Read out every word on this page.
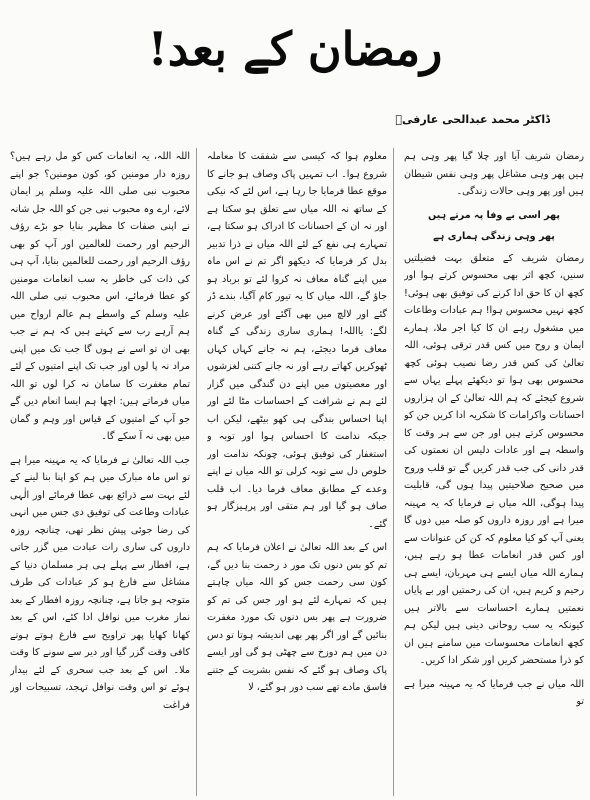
رمضان کے بعد!
ڈاکٹر محمد عبدالحی عارفیؒ

رمضان شریف آیا اور چلا گیا پھر وہی ہم ہیں پھر وہی مشاغل پھر وہی نفس شیطان ہیں اور پھر وہی حالات زندگی۔

پھر اسی بے وفا پہ مرتے ہیں

پھر وہی زندگی ہماری ہے

رمضان شریف کے متعلق بہت فضیلتیں سنیں، کچھ اثر بھی محسوس کرتے ہوا اور کچھ ان کا حق ادا کرنے کی توفیق بھی ہوئی! کچھ نہیں محسوس ہوا! ہم عبادات وطاعات میں مشغول رہے ان کا کیا اجر ملا، ہمارے ایمان و روح میں کس قدر ترقی ہوئی، اللہ تعالیٰ کی کس قدر رضا نصیب ہوئی کچھ محسوس بھی ہوا تو دیکھئے پہلے یہاں سے شروع کیجئے کہ ہم اللہ تعالیٰ کے ان ہزاروں احسانات واکرامات کا شکریہ ادا کریں جن کو محسوس کرتے ہیں اور جن سے ہر وقت کا واسطہ ہے اور عادات دلیس ان نعمتوں کی قدر دانی کی جب قدر کریں گے تو قلب وروح میں صحیح صلاحیتیں پیدا ہوں گی، قابلیت پیدا ہوگی، اللہ میاں نے فرمایا کہ یہ مہینہ میرا ہے اور روزہ داروں کو صلہ میں دوں گا یعنی آپ کو کیا معلوم کہ کن کن عنوانات سے اور کس قدر انعامات عطا ہو رہے ہیں، ہمارے اللہ میاں ایسے ہی مہربان، ایسے ہی رحیم و کریم ہیں، ان کی رحمتیں اور بے پایاں نعمتیں ہمارے احساسات سے بالاتر ہیں کیونکہ یہ سب روحانی دینی ہیں لیکن ہم کچھ انعامات محسوسات میں سامنے ہیں ان کو ذرا مستحضر کریں اور شکر ادا کریں۔

اللہ میاں نے جب فرمایا کہ یہ مہینہ میرا ہے تو

معلوم ہوا کہ کیسی سے شفقت کا معاملہ شروع ہوا۔ اب تمہیں پاک وصاف ہو جانے کا موقع عطا فرمایا جا رہا ہے، اس لئے کہ نیکی کے ساتھ نہ اللہ میاں سے تعلق ہو سکتا ہے اور نہ ان کے احسانات کا ادراک ہو سکتا ہے، تمہارے ہی نفع کے لئے اللہ میاں نے ذرا تدبیر بدل کر فرمایا کہ دیکھو اگر تم نے اس ماہ میں اپنے گناہ معاف نہ کروا لئے تو برباد ہو جاؤ گے، اللہ میاں کا یہ تیور کام آگیا، بندے ڈر گئے اور لالچ میں بھی آگئے اور عرض کرنے لگے: یااللہ! ہماری ساری زندگی کے گناہ معاف فرما دیجئے، ہم نہ جانے کہاں کہاں ٹھوکریں کھاتے رہے اور نہ جانے کتنی لغزشوں اور معصیتوں میں اپنے دن گندگی میں گزار لئے ہم نے شرافت کے احساسات مٹا لئے اور اپنا احساس بندگی ہی کھو بیٹھے، لیکن اب جبکہ ندامت کا احساس ہوا اور توبہ و استغفار کی توفیق ہوئی، چونکہ ندامت اور خلوص دل سے توبہ کرلی تو اللہ میاں نے اپنے وعدے کے مطابق معاف فرما دیا۔ اب قلب صاف ہو گیا اور ہم متقی اور پرہیزگار ہو گئے۔

اس کے بعد اللہ تعالیٰ نے اعلان فرمایا کہ ہم تم کو بس دنوں تک مور د رحمت بنا دیں گے، کون سی رحمت جس کو اللہ میاں چاہتے ہیں کہ تمہارے لئے ہو اور جس کی تم کو ضرورت ہے پھر بس دنوں تک مورد مغفرت بنائیں گے اور اگر پھر بھی اندیشہ ہوتا تو دس دن میں ہم دوزخ سے چھٹی ہو گی اور ایسے پاک وصاف ہو گئے کہ نفس بشریت کے جتنے فاسق مادے تھے سب دور ہو گئے، لا

اللہ اللہ، یہ انعامات کس کو مل رہے ہیں؟ روزہ دار مومنین کو، کون مومنین؟ جو اپنے محبوب نبی صلی اللہ علیہ وسلم پر ایمان لائے، ارے وہ محبوب نبی جن کو اللہ جل شانہ نے اپنی صفات کا مظہر بنایا جو بڑے رؤف الرحیم اور رحمت للعالمین اور آپ کو بھی رؤف الرحیم اور رحمت للعالمین بنایا، آپ ہی کی ذات کی خاطر یہ سب انعامات مومنین کو عطا فرمائے، اس محبوب نبی صلی اللہ علیہ وسلم کے واسطے ہم عالم ارواح میں ہم آرہے رب سے کہتے ہیں کہ ہم نے جب بھی ان تو اسے نے ہوں گا جب تک میں اپنی مراد نہ پا لوں اور جب تک اپنے امتیوں کے لئے تمام مغفرت کا سامان نہ کرا لوں تو اللہ میاں فرماتے ہیں: اچھا ہم ایسا انعام دیں گے جو آپ کے امتیوں کے قیاس اور وہم و گمان میں بھی نہ آ سکے گا۔

جب اللہ تعالیٰ نے فرمایا کہ یہ مہینہ میرا ہے تو اس ماہ مبارک میں ہم کو اپنا بنا لینے کے لئے بہت سے ذرائع بھی عطا فرمائے اور الٰہی عبادات وطاعت کی توفیق دی جس میں انہی کی رضا جوئی پیش نظر تھی، چنانچہ روزہ داروں کی ساری رات عبادت میں گزر جاتی ہے، افطار سے پہلے ہی ہر مسلمان دنیا کے مشاغل سے فارغ ہو کر عبادات کی طرف متوجہ ہو جاتا ہے، چنانچہ روزہ افطار کے بعد نماز مغرب میں نوافل ادا کئے، اس کے بعد کھانا کھایا پھر تراویح سے فارغ ہوتے ہوتے کافی وقت گزر گیا اور دیر سے سونے کا وقت ملا۔ اس کے بعد جب سحری کے لئے بیدار ہوئے تو اس وقت نوافل تہجد، تسبیحات اور فراغت
